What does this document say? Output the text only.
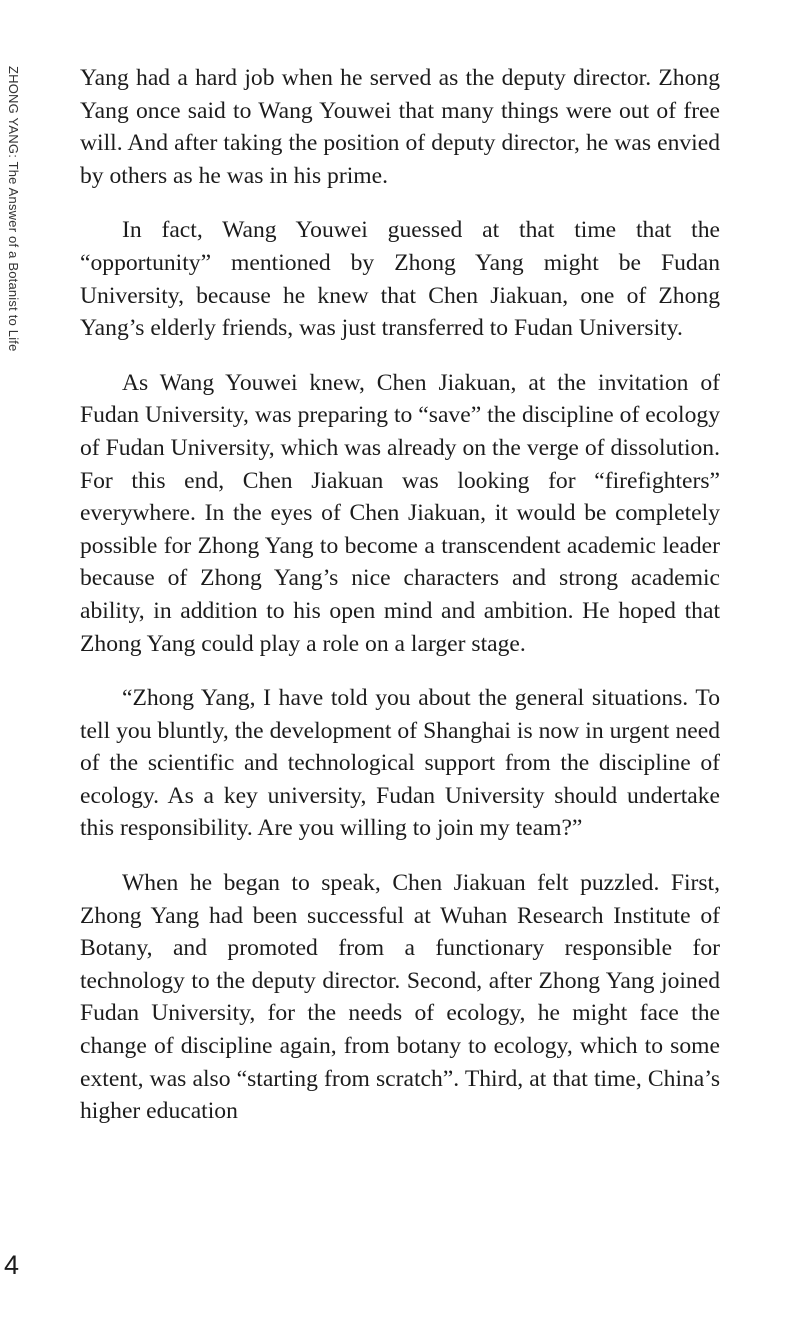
ZHONG YANG: The Answer of a Botanist to Life	Yang had a hard job when he served as the deputy director. Zhong Yang once said to Wang Youwei that many things were out of free will. And after taking the position of deputy director, he was envied by others as he was in his prime.

In fact, Wang Youwei guessed at that time that the “opportunity” mentioned by Zhong Yang might be Fudan University, because he knew that Chen Jiakuan, one of Zhong Yang’s elderly friends, was just transferred to Fudan University.

As Wang Youwei knew, Chen Jiakuan, at the invitation of Fudan University, was preparing to “save” the discipline of ecology of Fudan University, which was already on the verge of dissolution. For this end, Chen Jiakuan was looking for “firefighters” everywhere. In the eyes of Chen Jiakuan, it would be completely possible for Zhong Yang to become a transcendent academic leader because of Zhong Yang’s nice characters and strong academic ability, in addition to his open mind and ambition. He hoped that Zhong Yang could play a role on a larger stage.

“Zhong Yang, I have told you about the general situations. To tell you bluntly, the development of Shanghai is now in urgent need of the scientific and technological support from the discipline of ecology. As a key university, Fudan University should undertake this responsibility. Are you willing to join my team?”

When he began to speak, Chen Jiakuan felt puzzled. First, Zhong Yang had been successful at Wuhan Research Institute of Botany, and promoted from a functionary responsible for technology to the deputy director. Second, after Zhong Yang joined Fudan University, for the needs of ecology, he might face the change of discipline again, from botany to ecology, which to some extent, was also “starting from scratch”. Third, at that time, China’s higher education

4
